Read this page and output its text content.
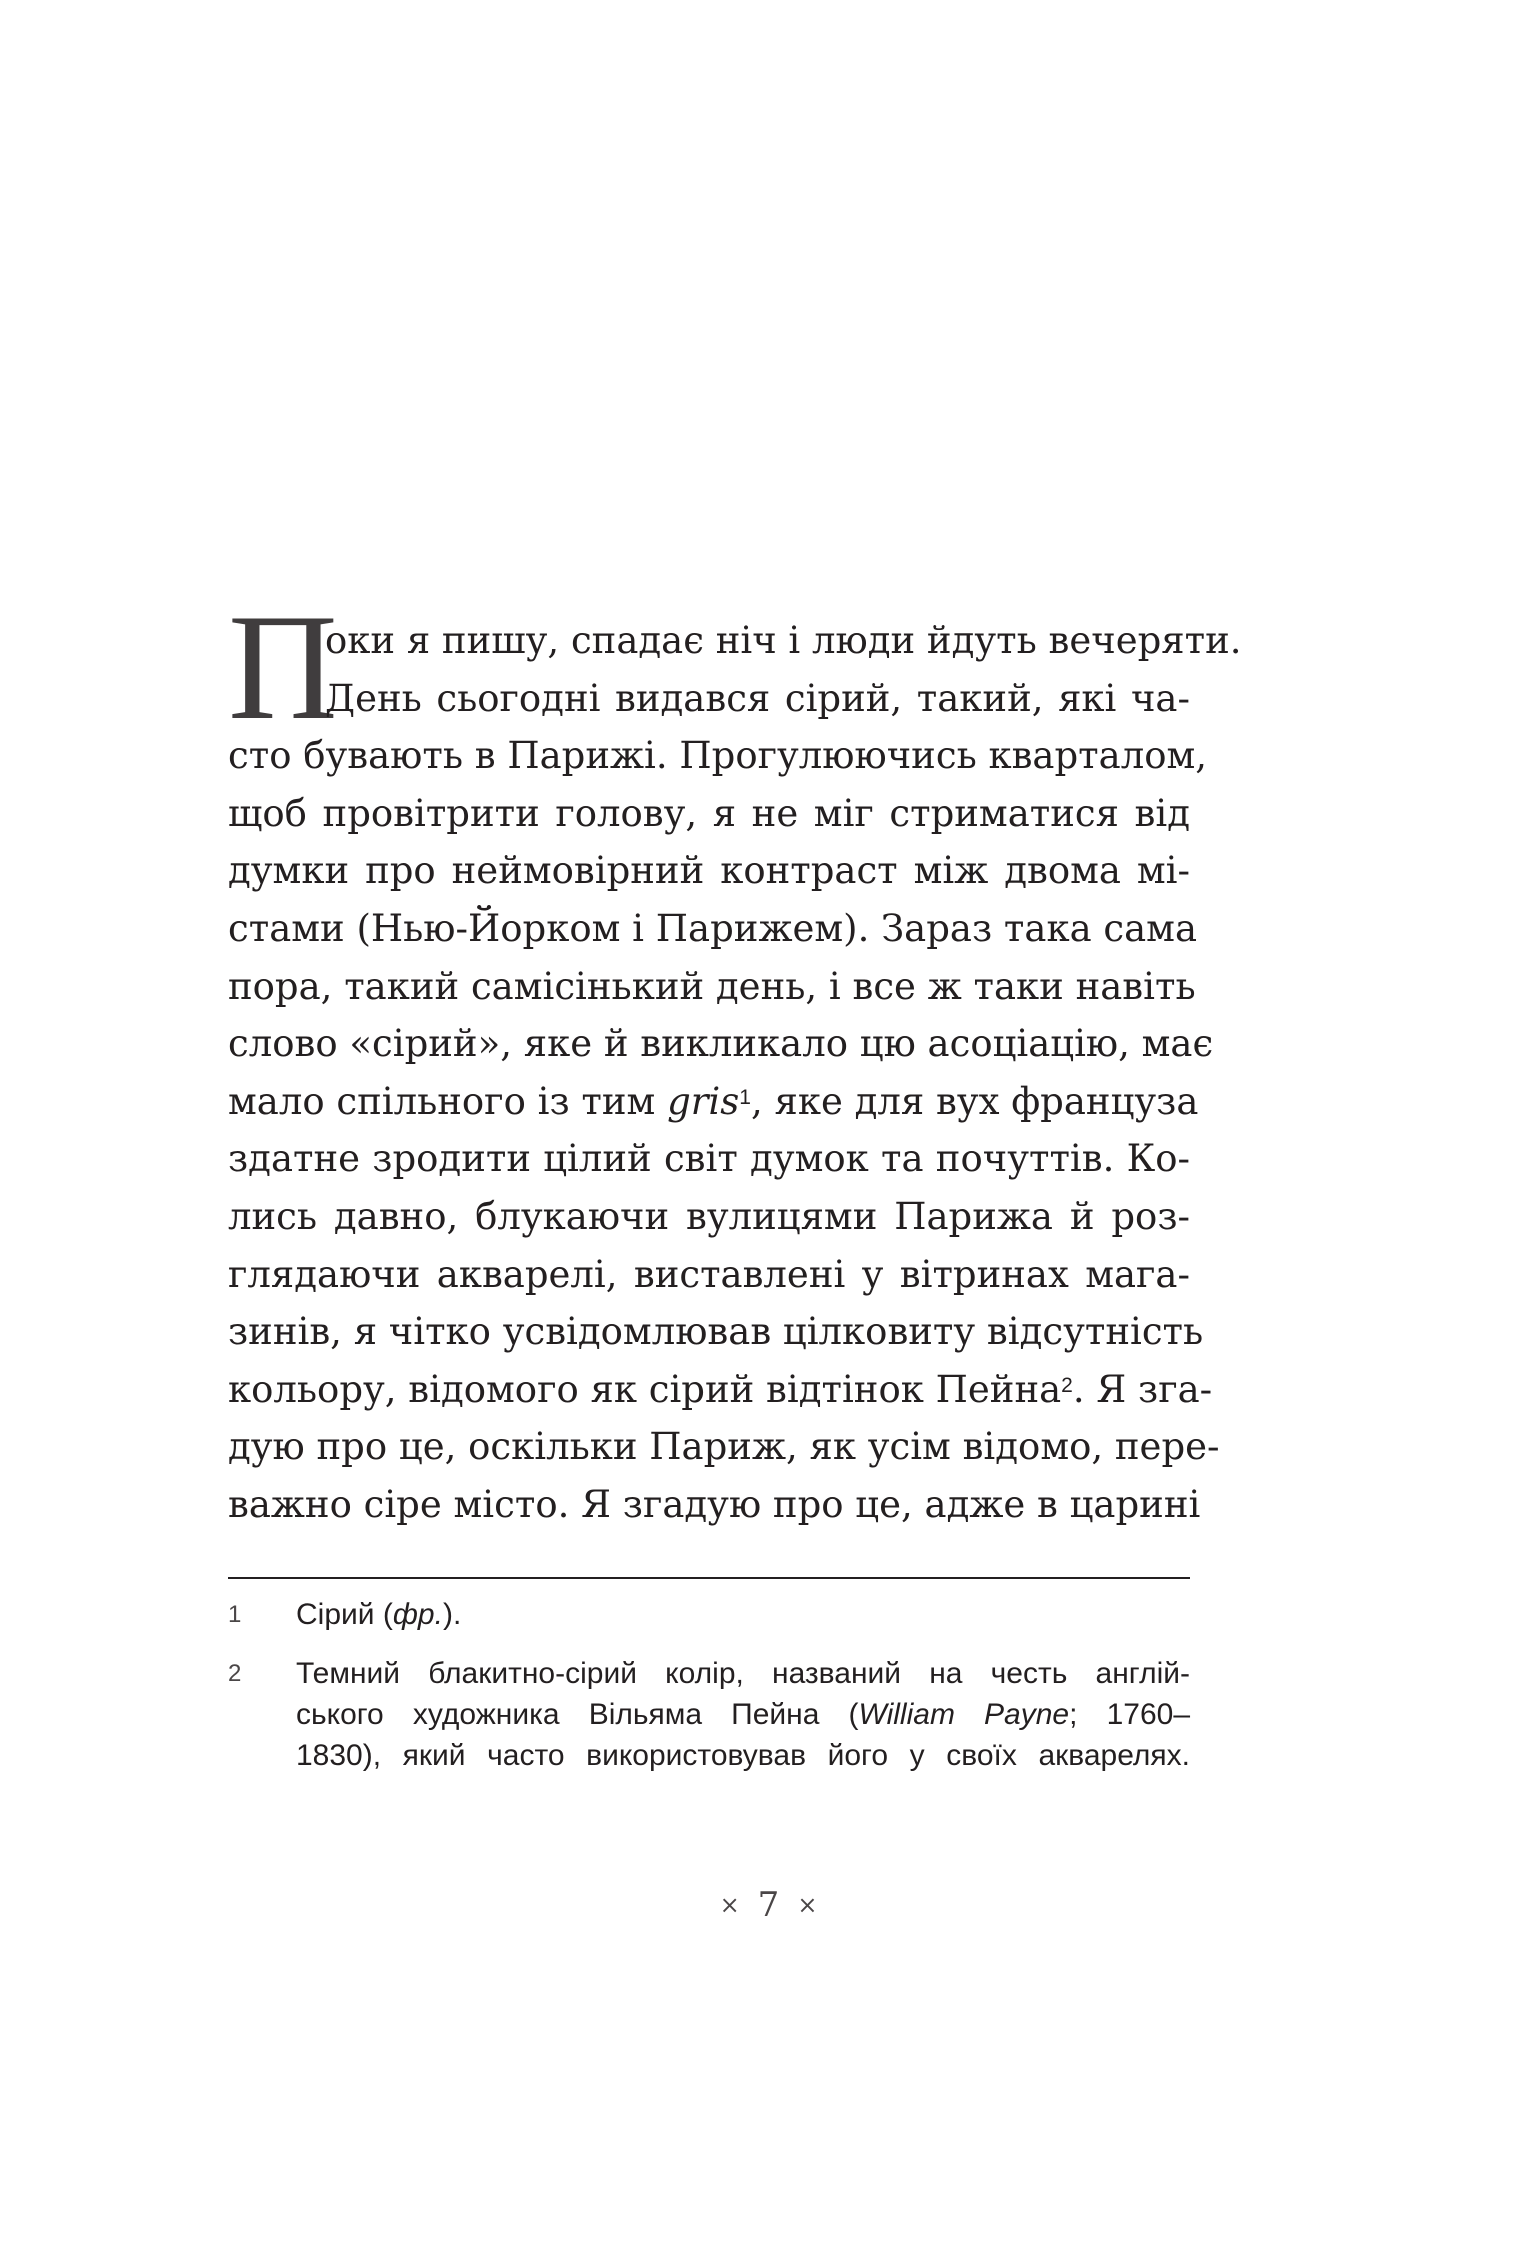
П
оки я пишу, спадає ніч і люди йдуть вечеряти.
День сьогодні видався сірий, такий, які ча-
сто бувають в Парижі. Прогулюючись кварталом,
щоб провітрити голову, я не міг стриматися від
думки про неймовірний контраст між двома мі-
стами (Нью-Йорком і Парижем). Зараз така сама
пора, такий самісінький день, і все ж таки навіть
слово «сірий», яке й викликало цю асоціацію, має
мало спільного із тим gris$^1$, яке для вух француза
здатне зродити цілий світ думок та почуттів. Ко-
лись давно, блукаючи вулицями Парижа й роз-
глядаючи акварелі, виставлені у вітринах мага-
зинів, я чітко усвідомлював цілковиту відсутність
кольору, відомого як сірий відтінок Пейна$^2$. Я зга-
дую про це, оскільки Париж, як усім відомо, пере-
важно сіре місто. Я згадую про це, адже в царині
1 Сірий (фр.).
2 Темний блакитно-сірий колір, названий на честь англій-
ського художника Вільяма Пейна (William Payne; 1760–
1830), який часто використовував його у своїх акварелях.
× 7 ×
